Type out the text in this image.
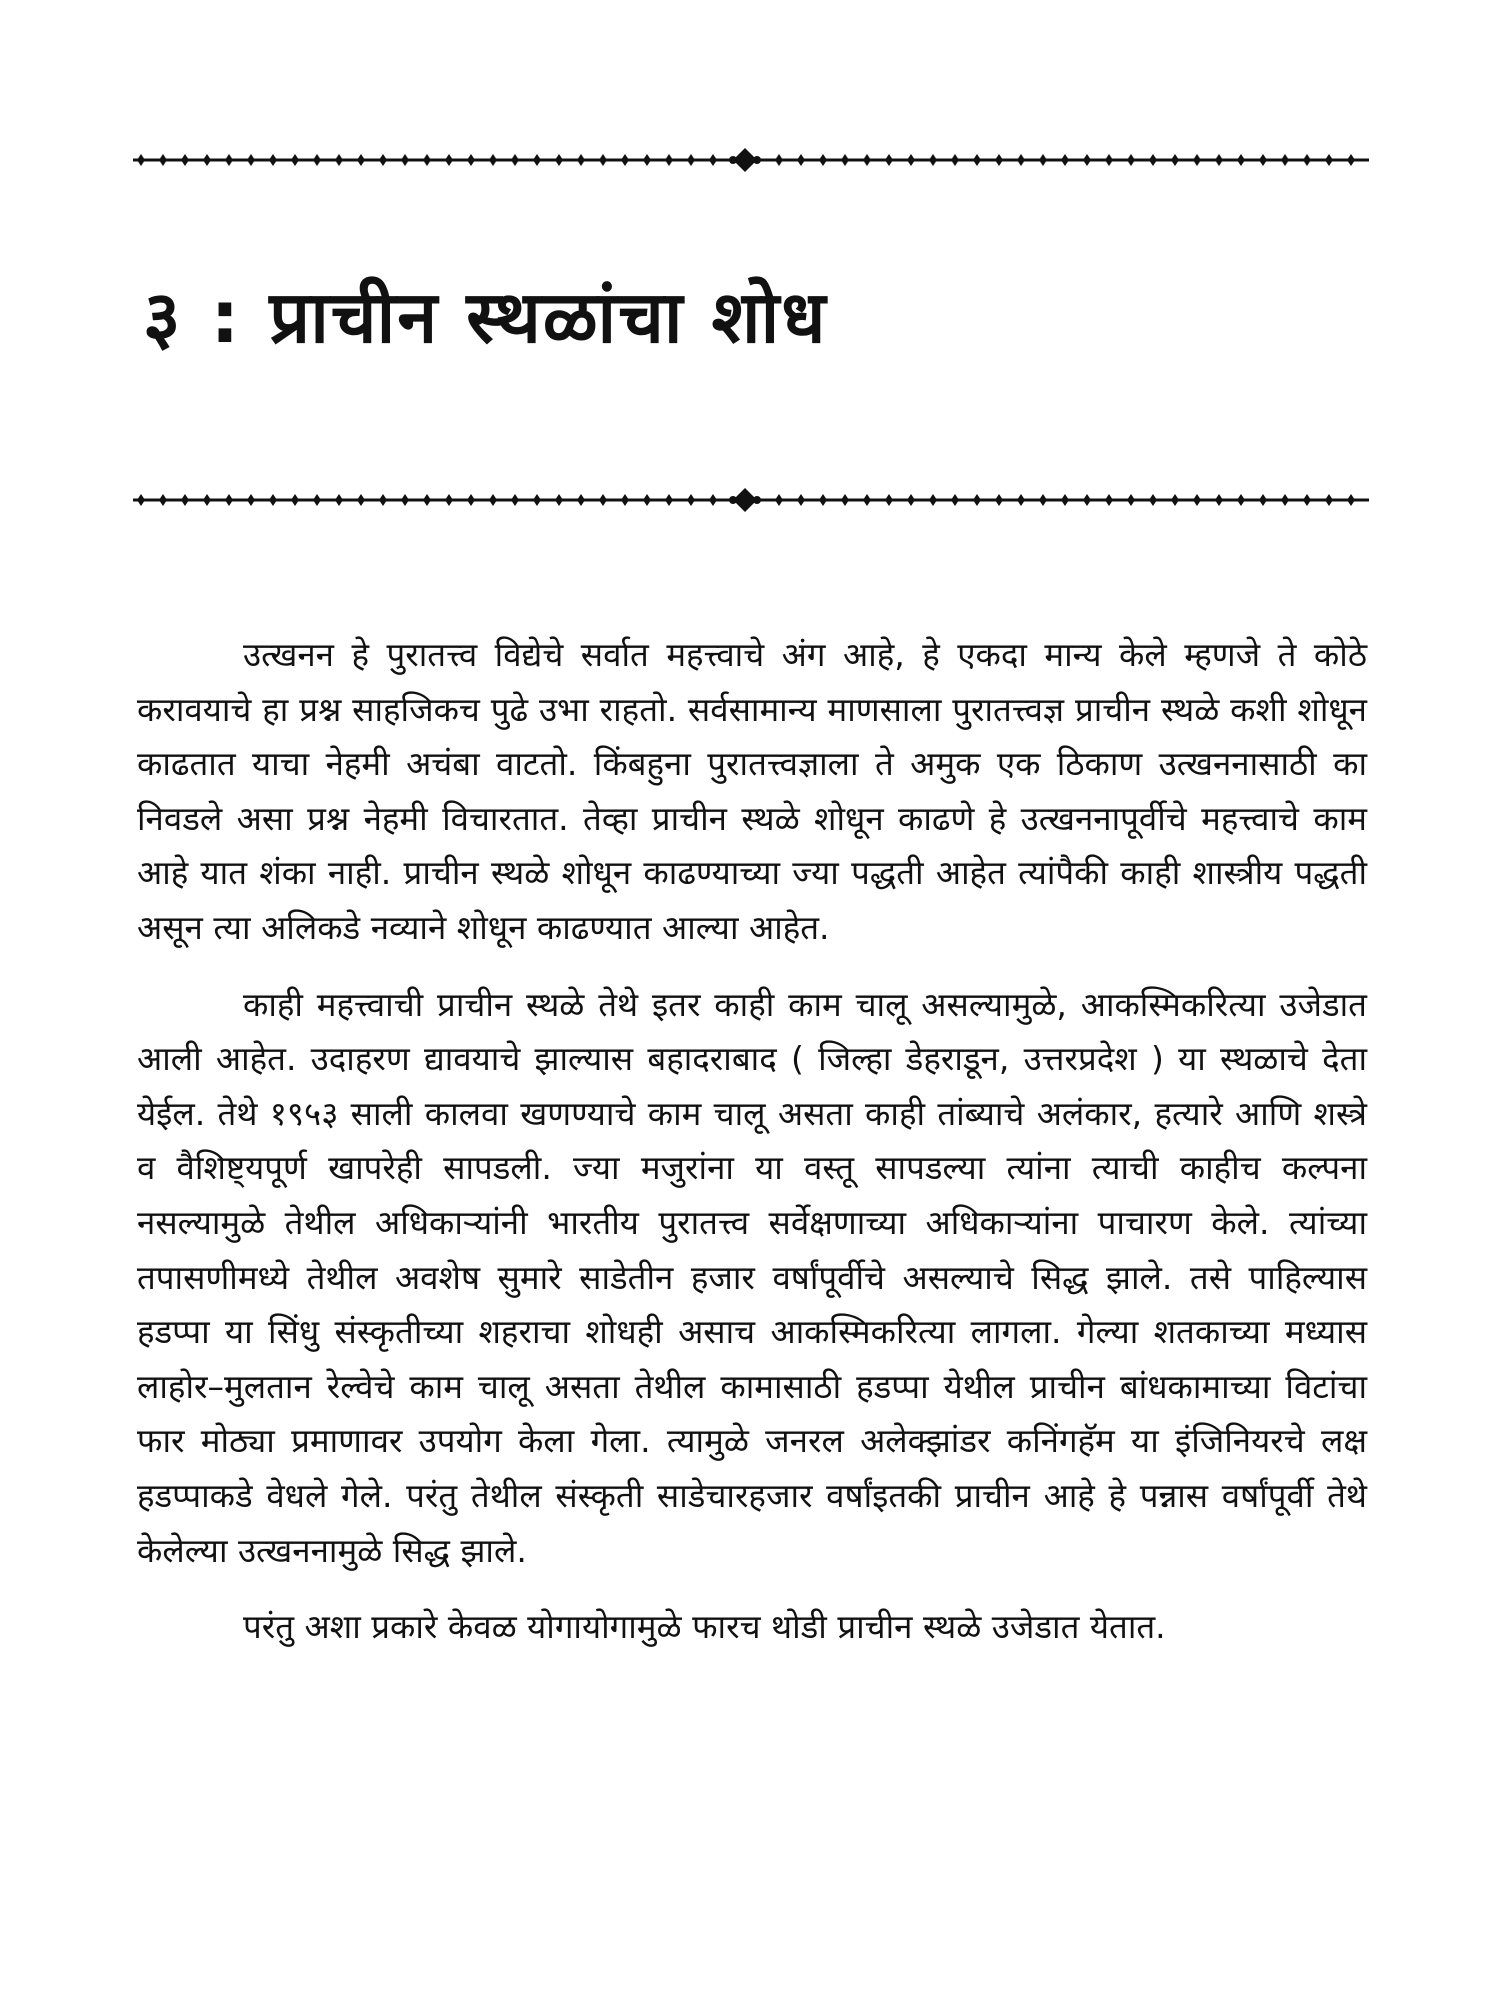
३ : प्राचीन स्थळांचा शोध

उत्खनन हे पुरातत्त्व विद्येचे सर्वात महत्त्वाचे अंग आहे, हे एकदा मान्य केले म्हणजे ते कोठे करावयाचे हा प्रश्न साहजिकच पुढे उभा राहतो. सर्वसामान्य माणसाला पुरातत्त्वज्ञ प्राचीन स्थळे कशी शोधून काढतात याचा नेहमी अचंबा वाटतो. किंबहुना पुरातत्त्वज्ञाला ते अमुक एक ठिकाण उत्खननासाठी का निवडले असा प्रश्न नेहमी विचारतात. तेव्हा प्राचीन स्थळे शोधून काढणे हे उत्खननापूर्वीचे महत्त्वाचे काम आहे यात शंका नाही. प्राचीन स्थळे शोधून काढण्याच्या ज्या पद्धती आहेत त्यांपैकी काही शास्त्रीय पद्धती असून त्या अलिकडे नव्याने शोधून काढण्यात आल्या आहेत.

काही महत्त्वाची प्राचीन स्थळे तेथे इतर काही काम चालू असल्यामुळे, आकस्मिकरित्या उजेडात आली आहेत. उदाहरण द्यावयाचे झाल्यास बहादराबाद ( जिल्हा डेहराडून, उत्तरप्रदेश ) या स्थळाचे देता येईल. तेथे १९५३ साली कालवा खणण्याचे काम चालू असता काही तांब्याचे अलंकार, हत्यारे आणि शस्त्रे व वैशिष्ट्यपूर्ण खापरेही सापडली. ज्या मजुरांना या वस्तू सापडल्या त्यांना त्याची काहीच कल्पना नसल्यामुळे तेथील अधिकाऱ्यांनी भारतीय पुरातत्त्व सर्वेक्षणाच्या अधिकाऱ्यांना पाचारण केले. त्यांच्या तपासणीमध्ये तेथील अवशेष सुमारे साडेतीन हजार वर्षांपूर्वीचे असल्याचे सिद्ध झाले. तसे पाहिल्यास हडप्पा या सिंधु संस्कृतीच्या शहराचा शोधही असाच आकस्मिकरित्या लागला. गेल्या शतकाच्या मध्यास लाहोर–मुलतान रेल्वेचे काम चालू असता तेथील कामासाठी हडप्पा येथील प्राचीन बांधकामाच्या विटांचा फार मोठ्या प्रमाणावर उपयोग केला गेला. त्यामुळे जनरल अलेक्झांडर कनिंगहॅम या इंजिनियरचे लक्ष हडप्पाकडे वेधले गेले. परंतु तेथील संस्कृती साडेचारहजार वर्षांइतकी प्राचीन आहे हे पन्नास वर्षांपूर्वी तेथे केलेल्या उत्खननामुळे सिद्ध झाले.

परंतु अशा प्रकारे केवळ योगायोगामुळे फारच थोडी प्राचीन स्थळे उजेडात येतात.
